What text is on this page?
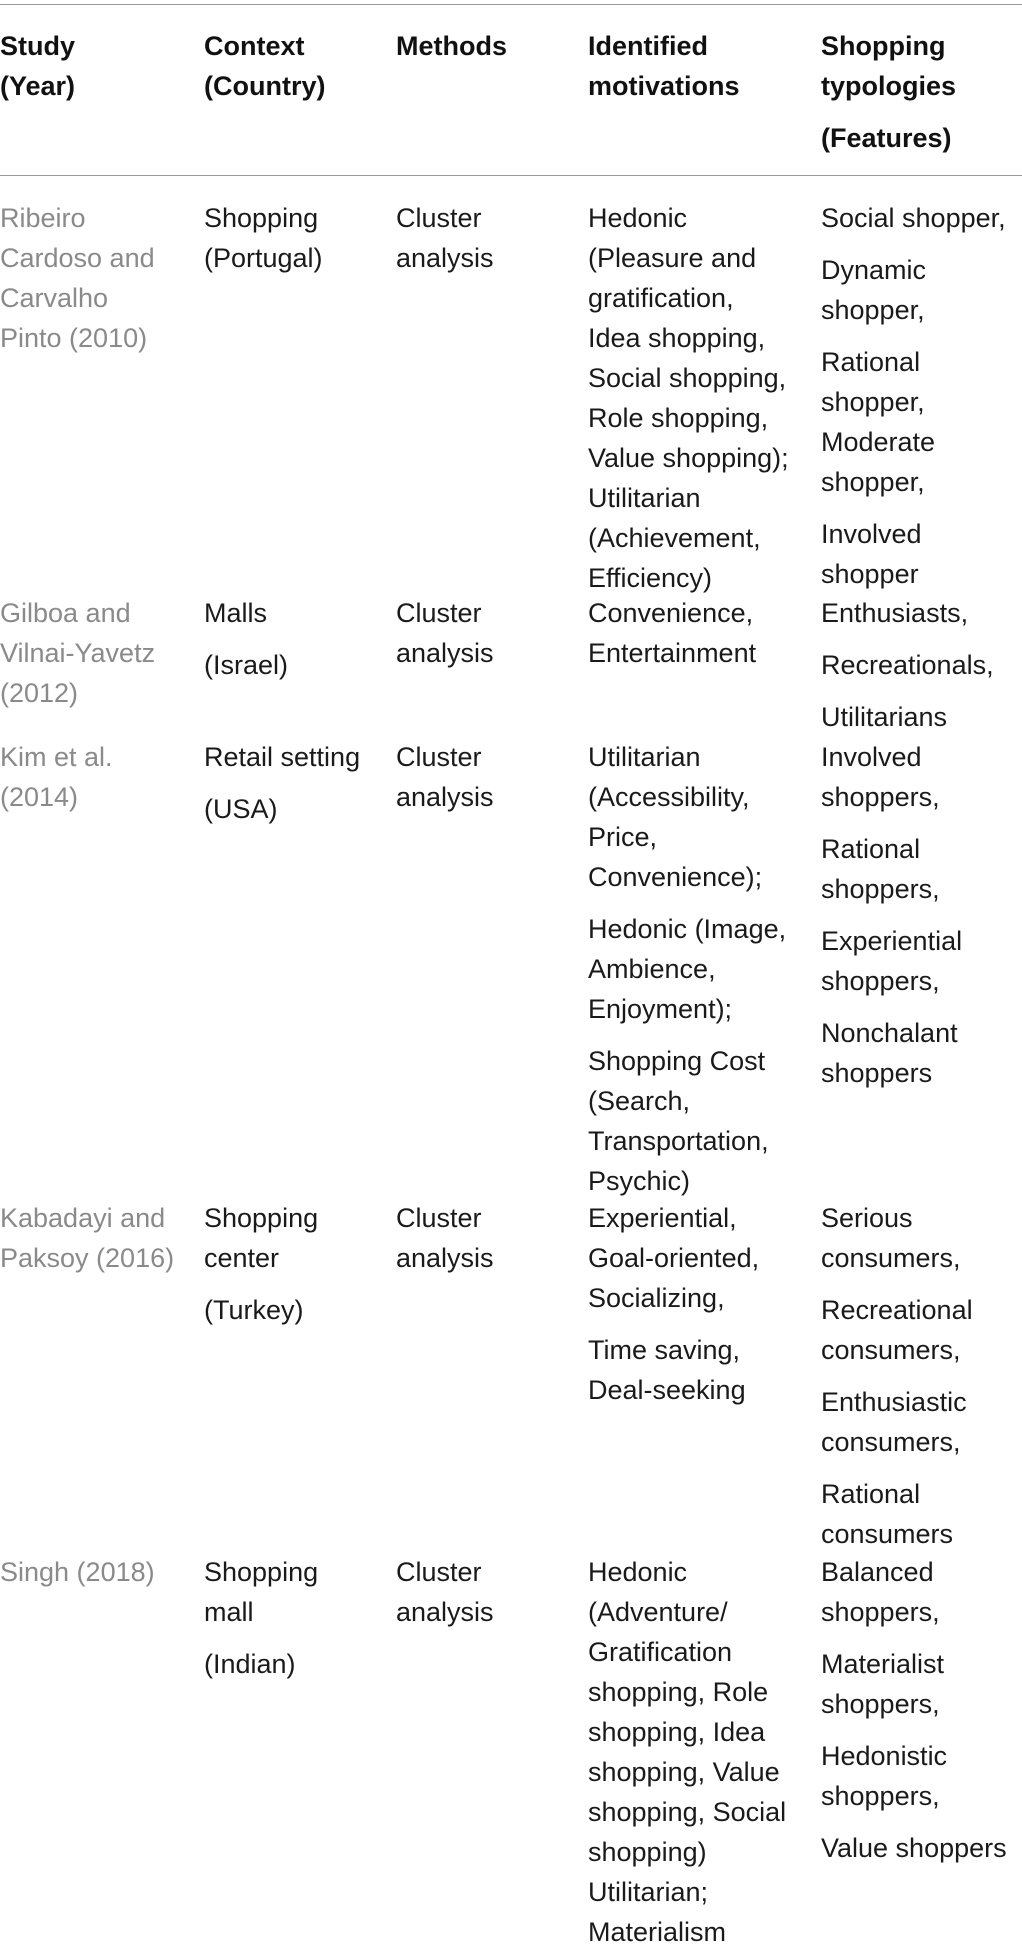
Study
(Year)
Context
(Country)
Methods	Identified
motivations
Shopping
typologies
(Features)
Ribeiro
Cardoso and
Carvalho
Pinto (2010)
Shopping
(Portugal)
Cluster
analysis
Hedonic
(Pleasure and
gratification,
Idea shopping,
Social shopping,
Role shopping,
Value shopping);
Utilitarian
(Achievement,
Efficiency)
Social shopper,
Dynamic
shopper,
Rational
shopper,
Moderate
shopper,
Involved
shopper
Gilboa and
Vilnai-Yavetz
(2012)
Malls
(Israel)
Cluster
analysis
Convenience,
Entertainment
Enthusiasts,
Recreationals,
Utilitarians
Kim et al.
(2014)
Retail setting
(USA)
Cluster
analysis
Utilitarian
(Accessibility,
Price,
Convenience);
Hedonic (Image,
Ambience,
Enjoyment);
Shopping Cost
(Search,
Transportation,
Psychic)
Involved
shoppers,
Rational
shoppers,
Experiential
shoppers,
Nonchalant
shoppers
Kabadayi and
Paksoy (2016)
Shopping
center
(Turkey)
Cluster
analysis
Experiential,
Goal-oriented,
Socializing,
Time saving,
Deal-seeking
Serious
consumers,
Recreational
consumers,
Enthusiastic
consumers,
Rational
consumers
Singh (2018) Shopping
mall
(Indian)
Cluster
analysis
Hedonic
(Adventure/
Gratification
shopping, Role
shopping, Idea
shopping, Value
shopping, Social
shopping)
Utilitarian;
Materialism
Balanced
shoppers,
Materialist
shoppers,
Hedonistic
shoppers,
Value shoppers
